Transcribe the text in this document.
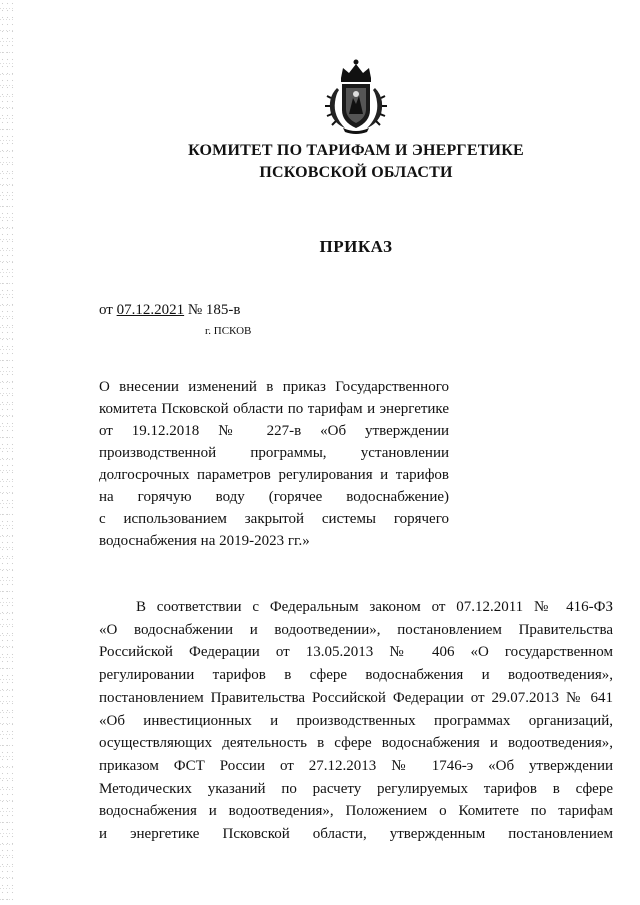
КОМИТЕТ ПО ТАРИФАМ И ЭНЕРГЕТИКЕ
ПСКОВСКОЙ ОБЛАСТИ
ПРИКАЗ
от 07.12.2021 № 185-в
г. ПСКОВ
О внесении изменений в приказ Государственного
комитета Псковской области по тарифам и энергетике
от 19.12.2018 № 227-в «Об утверждении
производственной программы, установлении
долгосрочных параметров регулирования и тарифов
на горячую воду (горячее водоснабжение)
с использованием закрытой системы горячего
водоснабжения на 2019-2023 гг.»
В соответствии с Федеральным законом от 07.12.2011 № 416-ФЗ
«О водоснабжении и водоотведении», постановлением Правительства
Российской Федерации от 13.05.2013 № 406 «О государственном
регулировании тарифов в сфере водоснабжения и водоотведения»,
постановлением Правительства Российской Федерации от 29.07.2013 № 641
«Об инвестиционных и производственных программах организаций,
осуществляющих деятельность в сфере водоснабжения и водоотведения»,
приказом ФСТ России от 27.12.2013 № 1746-э «Об утверждении
Методических указаний по расчету регулируемых тарифов в сфере
водоснабжения и водоотведения», Положением о Комитете по тарифам
и энергетике Псковской области, утвержденным постановлением
